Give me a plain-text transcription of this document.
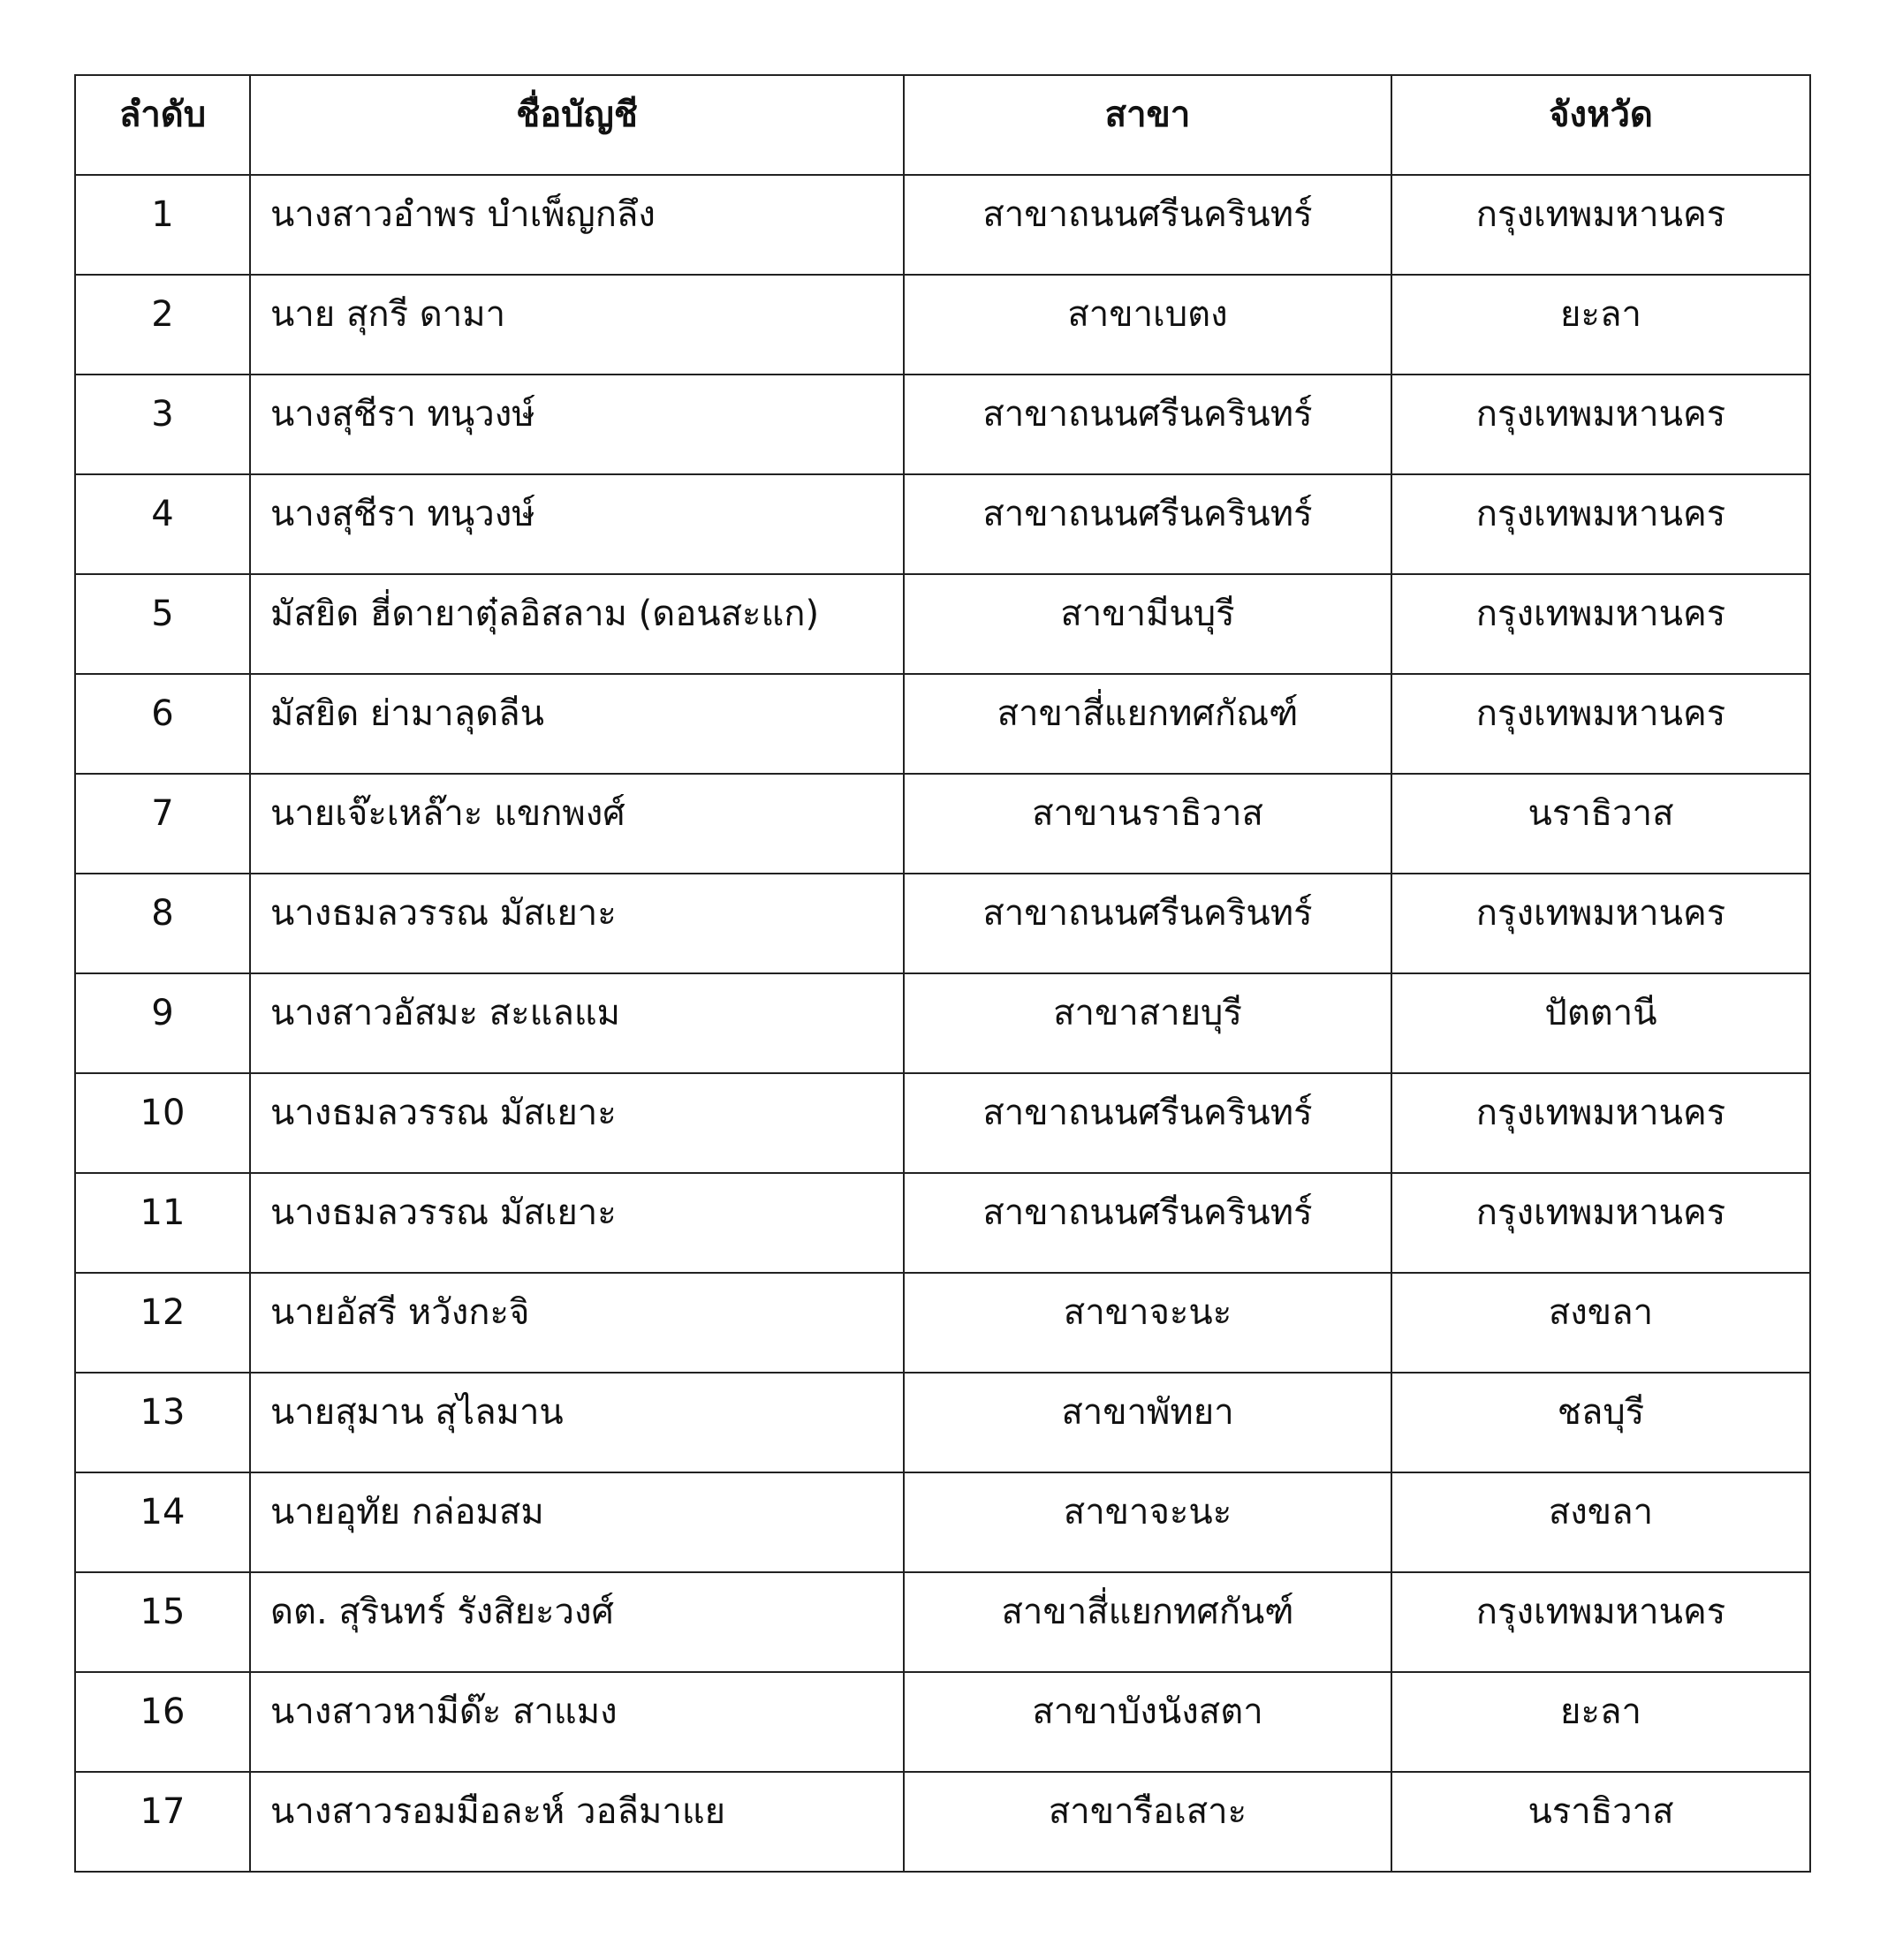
ลำดับ	ชื่อบัญชี	สาขา	จังหวัด
1	นางสาวอำพร บำเพ็ญกลึง	สาขาถนนศรีนครินทร์	กรุงเทพมหานคร
2	นาย สุกรี ดามา	สาขาเบตง	ยะลา
3	นางสุชีรา ทนุวงษ์	สาขาถนนศรีนครินทร์	กรุงเทพมหานคร
4	นางสุชีรา ทนุวงษ์	สาขาถนนศรีนครินทร์	กรุงเทพมหานคร
5	มัสยิด ฮี่ดายาตุ๋ลอิสลาม (ดอนสะแก)	สาขามีนบุรี	กรุงเทพมหานคร
6	มัสยิด ย่ามาลุดลีน	สาขาสี่แยกทศกัณฑ์	กรุงเทพมหานคร
7	นายเจ๊ะเหล๊าะ แขกพงศ์	สาขานราธิวาส	นราธิวาส
8	นางธมลวรรณ มัสเยาะ	สาขาถนนศรีนครินทร์	กรุงเทพมหานคร
9	นางสาวอัสมะ สะแลแม	สาขาสายบุรี	ปัตตานี
10	นางธมลวรรณ มัสเยาะ	สาขาถนนศรีนครินทร์	กรุงเทพมหานคร
11	นางธมลวรรณ มัสเยาะ	สาขาถนนศรีนครินทร์	กรุงเทพมหานคร
12	นายอัสรี หวังกะจิ	สาขาจะนะ	สงขลา
13	นายสุมาน สุไลมาน	สาขาพัทยา	ชลบุรี
14	นายอุทัย กล่อมสม	สาขาจะนะ	สงขลา
15	ดต. สุรินทร์ รังสิยะวงศ์	สาขาสี่แยกทศกันฑ์	กรุงเทพมหานคร
16	นางสาวหามีด๊ะ สาแมง	สาขาบังนังสตา	ยะลา
17	นางสาวรอมมือละห์ วอลีมาแย	สาขารือเสาะ	นราธิวาส
